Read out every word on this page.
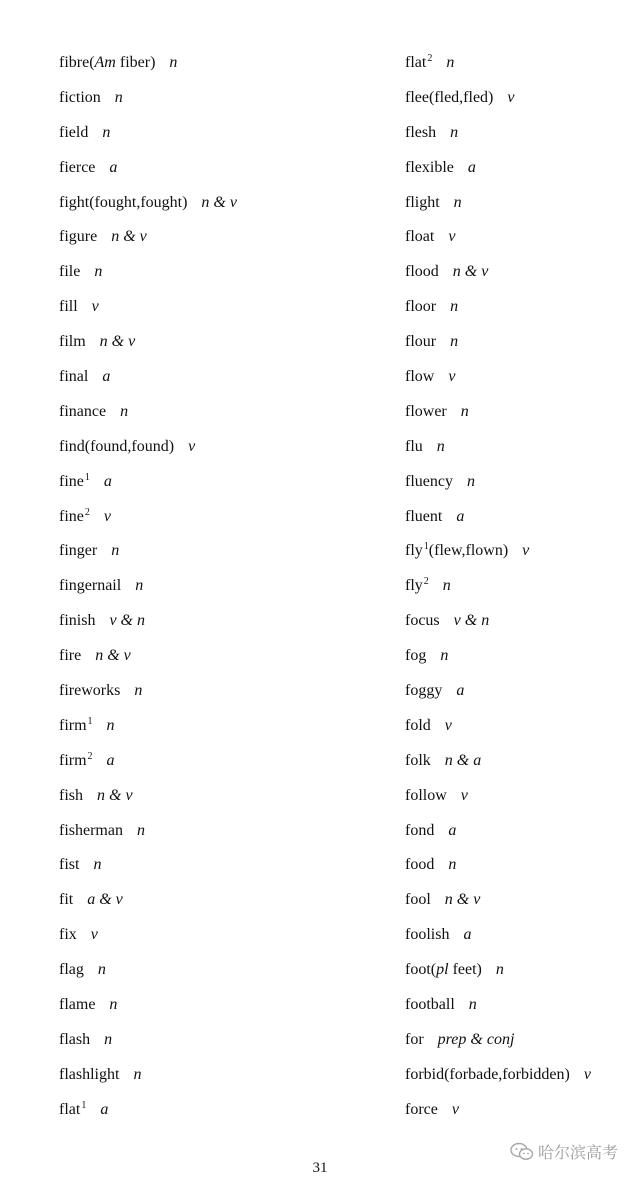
fibre(Am fiber) n
fiction n
field n
fierce a
fight(fought,fought) n & v
figure n & v
file n
fill v
film n & v
final a
finance n
find(found,found) v
fine$^1$ a
fine$^2$ v
finger n
fingernail n
finish v & n
fire n & v
fireworks n
firm$^1$ n
firm$^2$ a
fish n & v
fisherman n
fist n
fit a & v
fix v
flag n
flame n
flash n
flashlight n
flat$^1$ a
flat$^2$ n
flee(fled,fled) v
flesh n
flexible a
flight n
float v
flood n & v
floor n
flour n
flow v
flower n
flu n
fluency n
fluent a
fly$^1$(flew,flown) v
fly$^2$ n
focus v & n
fog n
foggy a
fold v
folk n & a
follow v
fond a
food n
fool n & v
foolish a
foot(pl feet) n
football n
for prep & conj
forbid(forbade,forbidden) v
force v
哈尔滨高考
31
